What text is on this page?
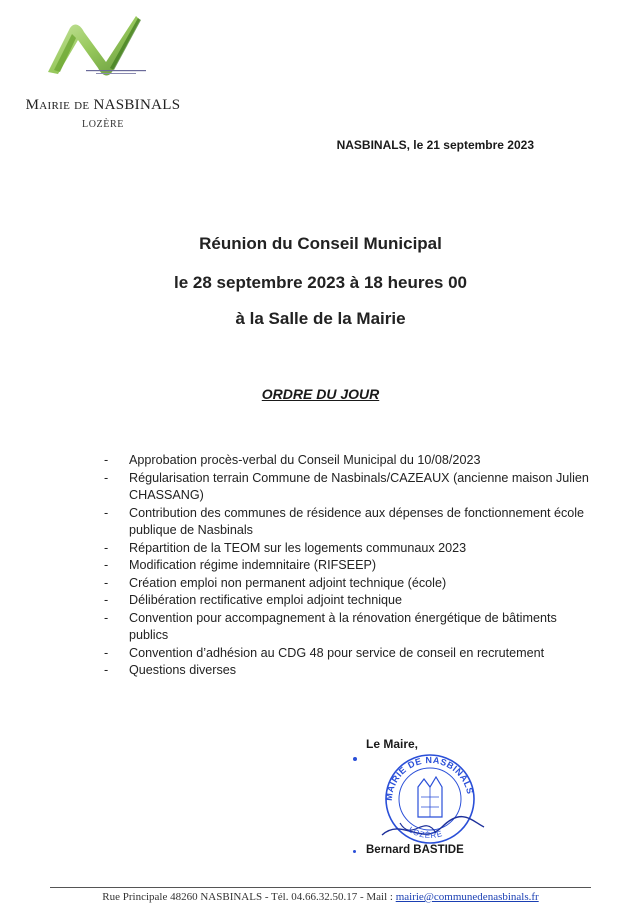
Mairie de NASBINALS
LOZÈRE
NASBINALS, le 21 septembre 2023
Réunion du Conseil Municipal
le 28 septembre 2023 à 18 heures 00
à la Salle de la Mairie
ORDRE DU JOUR
- Approbation procès-verbal du Conseil Municipal du 10/08/2023
- Régularisation terrain Commune de Nasbinals/CAZEAUX (ancienne maison Julien CHASSANG)
- Contribution des communes de résidence aux dépenses de fonctionnement école publique de Nasbinals
- Répartition de la TEOM sur les logements communaux 2023
- Modification régime indemnitaire (RIFSEEP)
- Création emploi non permanent adjoint technique (école)
- Délibération rectificative emploi adjoint technique
- Convention pour accompagnement à la rénovation énergétique de bâtiments publics
- Convention d’adhésion au CDG 48 pour service de conseil en recrutement
- Questions diverses
Le Maire,
MAIRIE DE NASBINALS
LOZÈRE
Bernard BASTIDE
Rue Principale 48260 NASBINALS - Tél. 04.66.32.50.17 - Mail : mairie@communedenasbinals.fr
